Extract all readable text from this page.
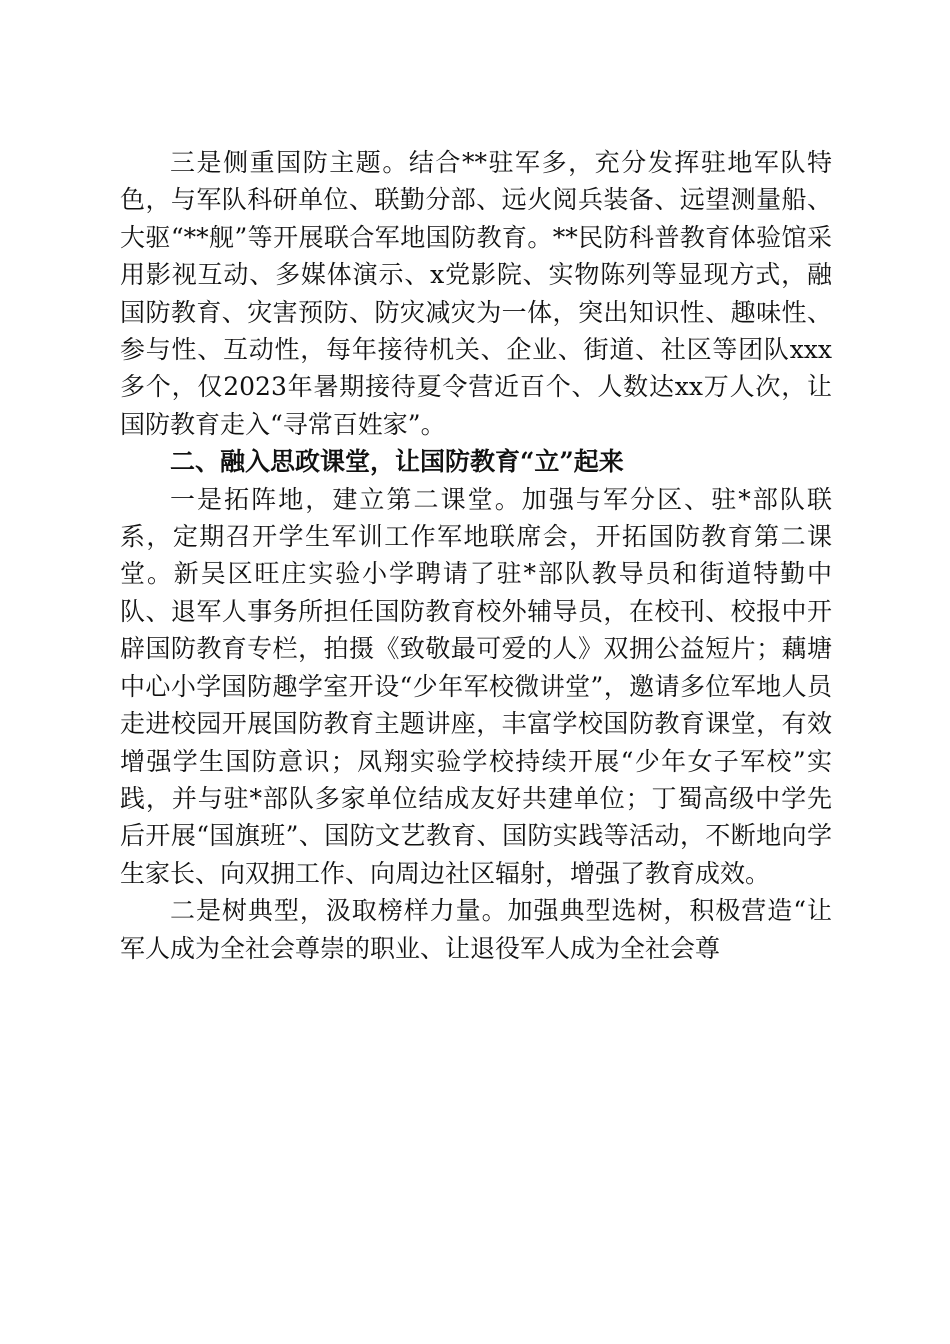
三是侧重国防主题。结合**驻军多，充分发挥驻地军队特色，与军队科研单位、联勤分部、远火阅兵装备、远望测量船、大驱“**舰”等开展联合军地国防教育。**民防科普教育体验馆采用影视互动、多媒体演示、x党影院、实物陈列等显现方式，融国防教育、灾害预防、防灾减灾为一体，突出知识性、趣味性、参与性、互动性，每年接待机关、企业、街道、社区等团队xxx多个，仅2023年暑期接待夏令营近百个、人数达xx万人次，让国防教育走入“寻常百姓家”。

二、融入思政课堂，让国防教育“立”起来

一是拓阵地，建立第二课堂。加强与军分区、驻*部队联系，定期召开学生军训工作军地联席会，开拓国防教育第二课堂。新吴区旺庄实验小学聘请了驻*部队教导员和街道特勤中队、退军人事务所担任国防教育校外辅导员，在校刊、校报中开辟国防教育专栏，拍摄《致敬最可爱的人》双拥公益短片；藕塘中心小学国防趣学室开设“少年军校微讲堂”，邀请多位军地人员走进校园开展国防教育主题讲座，丰富学校国防教育课堂，有效增强学生国防意识；凤翔实验学校持续开展“少年女子军校”实践，并与驻*部队多家单位结成友好共建单位；丁蜀高级中学先后开展“国旗班”、国防文艺教育、国防实践等活动，不断地向学生家长、向双拥工作、向周边社区辐射，增强了教育成效。

二是树典型，汲取榜样力量。加强典型选树，积极营造“让军人成为全社会尊崇的职业、让退役军人成为全社会尊
